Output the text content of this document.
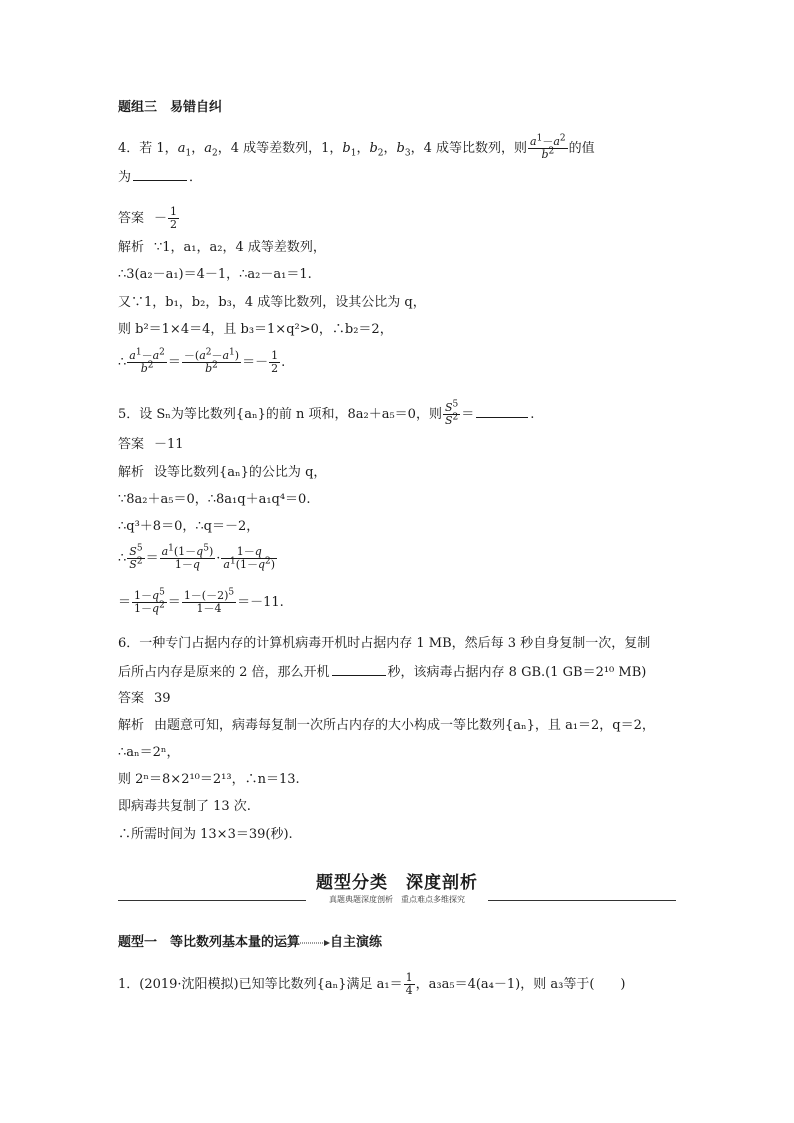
题组三　易错自纠
4．若 1，$a_1$，$a_2$，4 成等差数列，1，$b_1$，$b_2$，$b_3$，4 成等比数列，则 $\frac{a^1-a^2}{b^2}$ 的值
为	．
答案 － $\frac{1}{2}$
解析 ∵1，a₁，a₂，4 成等差数列，
∴3(a₂－a₁)＝4－1，∴a₂－a₁＝1.
又∵1，b₁，b₂，b₃，4 成等比数列，设其公比为 q，
则 b²＝1×4＝4，且 b₃＝1×q²>0，∴b₂＝2，
∴ $\frac{a^1-a^2}{b^2} = \frac{-(a^2-a^1)}{b^2} =- \frac{1}{2}$ .
5．设 Sₙ为等比数列{aₙ}的前 n 项和，8a₂＋a₅＝0，则 $\frac{S^5}{S^2}$ ＝	.
答案 －11
解析 设等比数列{aₙ}的公比为 q，
∵8a₂＋a₅＝0，∴8a₁q＋a₁q⁴＝0.
∴q³＋8＝0，∴q＝－2，
∴ $\frac{S^5}{S^2} = \frac{a^1(1-q^5)}{1-q} \cdot \frac{1-q}{a^1(1-q^2)}$
＝ $\frac{1-q^5}{1-q^2} = \frac{1-(-2)^5}{1-4} =-11$.
6．一种专门占据内存的计算机病毒开机时占据内存 1 MB，然后每 3 秒自身复制一次，复制
后所占内存是原来的 2 倍，那么开机	秒，该病毒占据内存 8 GB.(1 GB＝2¹⁰ MB)
答案 39
解析 由题意可知，病毒每复制一次所占内存的大小构成一等比数列{aₙ}，且 a₁＝2，q＝2，
∴aₙ＝2ⁿ，
则 2ⁿ＝8×2¹⁰＝2¹³，∴n＝13.
即病毒共复制了 13 次.
∴所需时间为 13×3＝39(秒).
题型分类　深度剖析
真题典题深度剖析 重点难点多维探究
题型一　等比数列基本量的运算 自主演练
1．(2019·沈阳模拟)已知等比数列{aₙ}满足 $a_1= \frac{1}{4}$ ，a₃a₅＝4(a₄－1)，则 a₃等于(　　)
